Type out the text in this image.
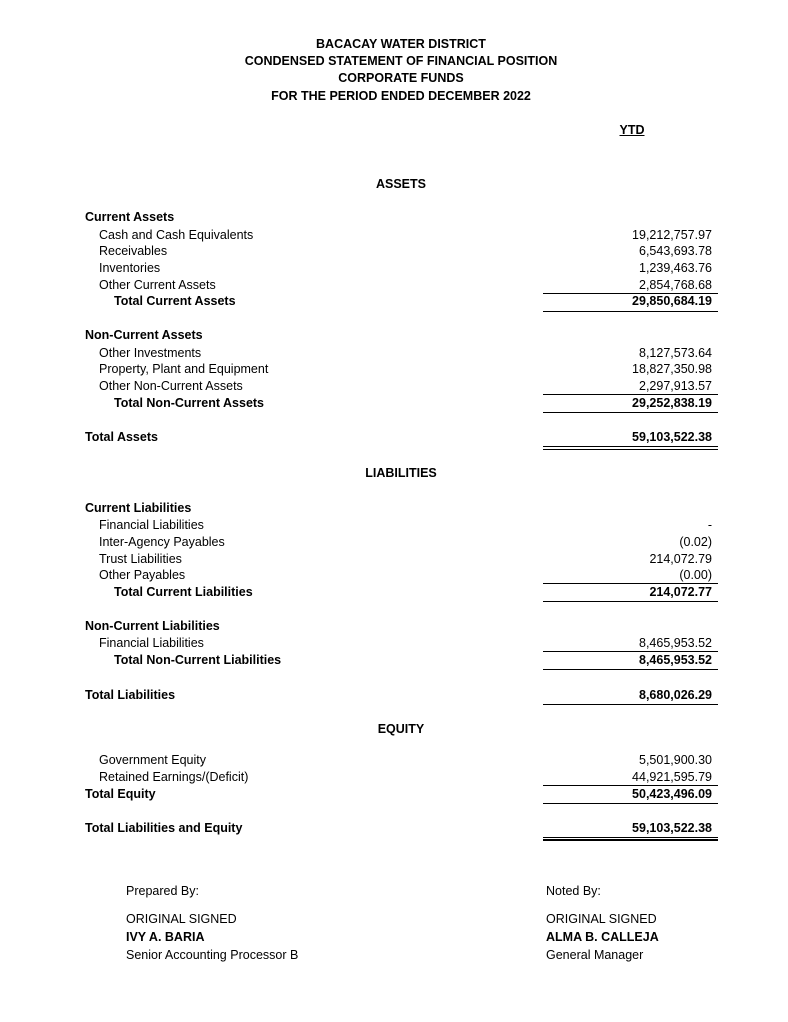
BACACAY WATER DISTRICT
CONDENSED STATEMENT OF FINANCIAL POSITION
CORPORATE FUNDS
FOR THE PERIOD ENDED DECEMBER 2022
YTD
ASSETS
Current Assets
Cash and Cash Equivalents	19,212,757.97
Receivables	6,543,693.78
Inventories	1,239,463.76
Other Current Assets	2,854,768.68
Total Current Assets	29,850,684.19
Non-Current Assets
Other Investments	8,127,573.64
Property, Plant and Equipment	18,827,350.98
Other Non-Current Assets	2,297,913.57
Total Non-Current Assets	29,252,838.19
Total Assets	59,103,522.38
LIABILITIES
Current Liabilities
Financial Liabilities	-
Inter-Agency Payables	(0.02)
Trust Liabilities	214,072.79
Other Payables	(0.00)
Total Current Liabilities	214,072.77
Non-Current Liabilities
Financial Liabilities	8,465,953.52
Total Non-Current Liabilities	8,465,953.52
Total Liabilities	8,680,026.29
EQUITY
Government Equity	5,501,900.30
Retained Earnings/(Deficit)	44,921,595.79
Total Equity	50,423,496.09
Total Liabilities and Equity	59,103,522.38
Prepared By:
ORIGINAL SIGNED
IVY A. BARIA
Senior Accounting Processor B
Noted By:
ORIGINAL SIGNED
ALMA B. CALLEJA
General Manager
